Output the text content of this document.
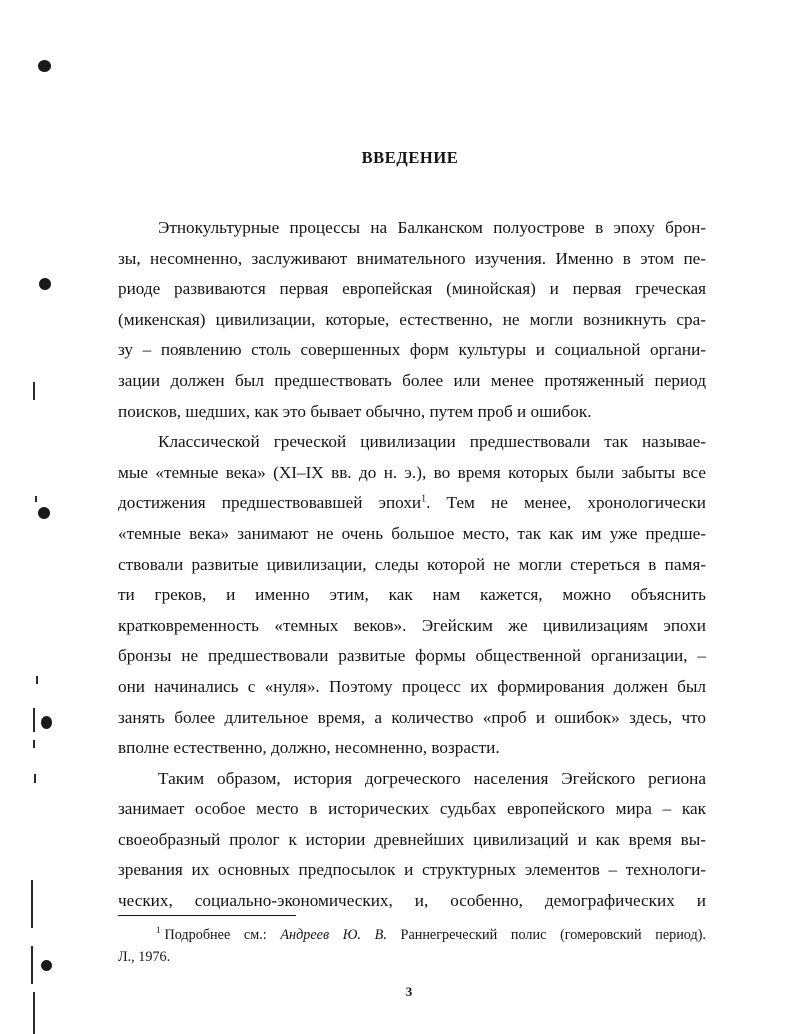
ВВЕДЕНИЕ

Этнокультурные процессы на Балканском полуострове в эпоху брон-

зы, несомненно, заслуживают внимательного изучения. Именно в этом пе-

риоде развиваются первая европейская (минойская) и первая греческая

(микенская) цивилизации, которые, естественно, не могли возникнуть сра-

зу – появлению столь совершенных форм культуры и социальной органи-

зации должен был предшествовать более или менее протяженный период

поисков, шедших, как это бывает обычно, путем проб и ошибок.

Классической греческой цивилизации предшествовали так называе-

мые «темные века» (XI–IX вв. до н. э.), во время которых были забыты все

достижения предшествовавшей эпохи$^1$. Тем не менее, хронологически

«темные века» занимают не очень большое место, так как им уже предше-

ствовали развитые цивилизации, следы которой не могли стереться в памя-

ти греков, и именно этим, как нам кажется, можно объяснить

кратковременность «темных веков». Эгейским же цивилизациям эпохи

бронзы не предшествовали развитые формы общественной организации, –

они начинались с «нуля». Поэтому процесс их формирования должен был

занять более длительное время, а количество «проб и ошибок» здесь, что

вполне естественно, должно, несомненно, возрасти.

Таким образом, история догреческого населения Эгейского региона

занимает особое место в исторических судьбах европейского мира – как

своеобразный пролог к истории древнейших цивилизаций и как время вы-

зревания их основных предпосылок и структурных элементов – технологи-

ческих, социально-экономических, и, особенно, демографических и

$^1$ Подробнее см.: Андреев Ю. В. Раннегреческий полис (гомеровский период).

Л., 1976.

3
